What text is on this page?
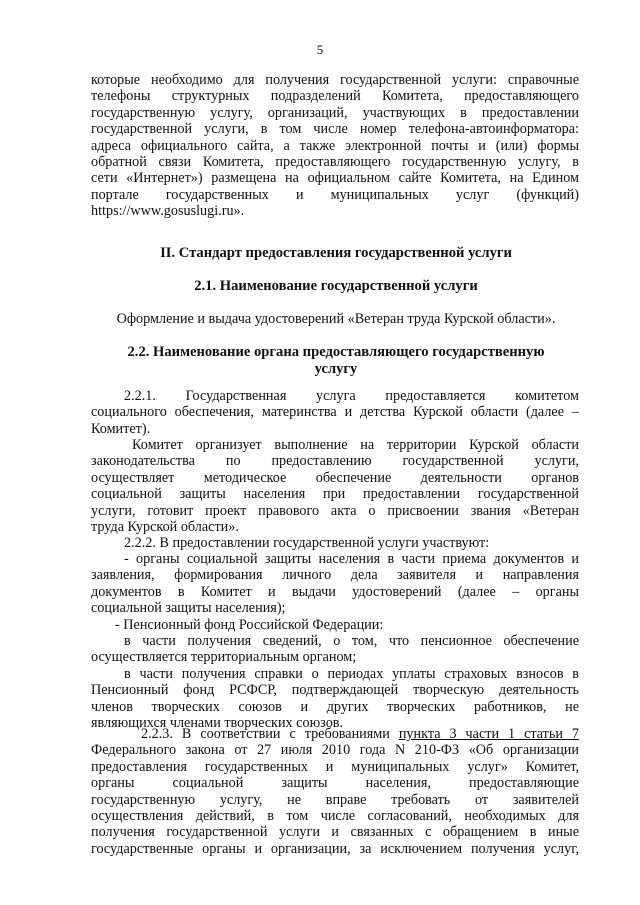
5

которые необходимо для получения государственной услуги: справочные

телефоны структурных подразделений Комитета, предоставляющего

государственную услугу, организаций, участвующих в предоставлении

государственной услуги, в том числе номер телефона-автоинформатора:

адреса официального сайта, а также электронной почты и (или) формы

обратной связи Комитета, предоставляющего государственную услугу, в

сети «Интернет») размещена на официальном сайте Комитета, на Едином

портале государственных и муниципальных услуг (функций)

https://www.gosuslugi.ru».

II. Стандарт предоставления государственной услуги
2.1. Наименование государственной услуги
Оформление и выдача удостоверений «Ветеран труда Курской области».
2.2. Наименование органа предоставляющего государственную
услугу

2.2.1. Государственная услуга предоставляется комитетом

социального обеспечения, материнства и детства Курской области (далее –

Комитет).

Комитет организует выполнение на территории Курской области

законодательства по предоставлению государственной услуги,

осуществляет методическое обеспечение деятельности органов

социальной защиты населения при предоставлении государственной

услуги, готовит проект правового акта о присвоении звания «Ветеран

труда Курской области».

2.2.2. В предоставлении государственной услуги участвуют:

- органы социальной защиты населения в части приема документов и

заявления, формирования личного дела заявителя и направления

документов в Комитет и выдачи удостоверений (далее – органы

социальной защиты населения);

- Пенсионный фонд Российской Федерации:

в части получения сведений, о том, что пенсионное обеспечение

осуществляется территориальным органом;

в части получения справки о периодах уплаты страховых взносов в

Пенсионный фонд РСФСР, подтверждающей творческую деятельность

членов творческих союзов и других творческих работников, не

являющихся членами творческих союзов.

2.2.3. В соответствии с требованиями пункта 3 части 1 статьи 7

Федерального закона от 27 июля 2010 года N 210-ФЗ «Об организации

предоставления государственных и муниципальных услуг» Комитет,

органы социальной защиты населения, предоставляющие

государственную услугу, не вправе требовать от заявителей

осуществления действий, в том числе согласований, необходимых для

получения государственной услуги и связанных с обращением в иные

государственные органы и организации, за исключением получения услуг,
